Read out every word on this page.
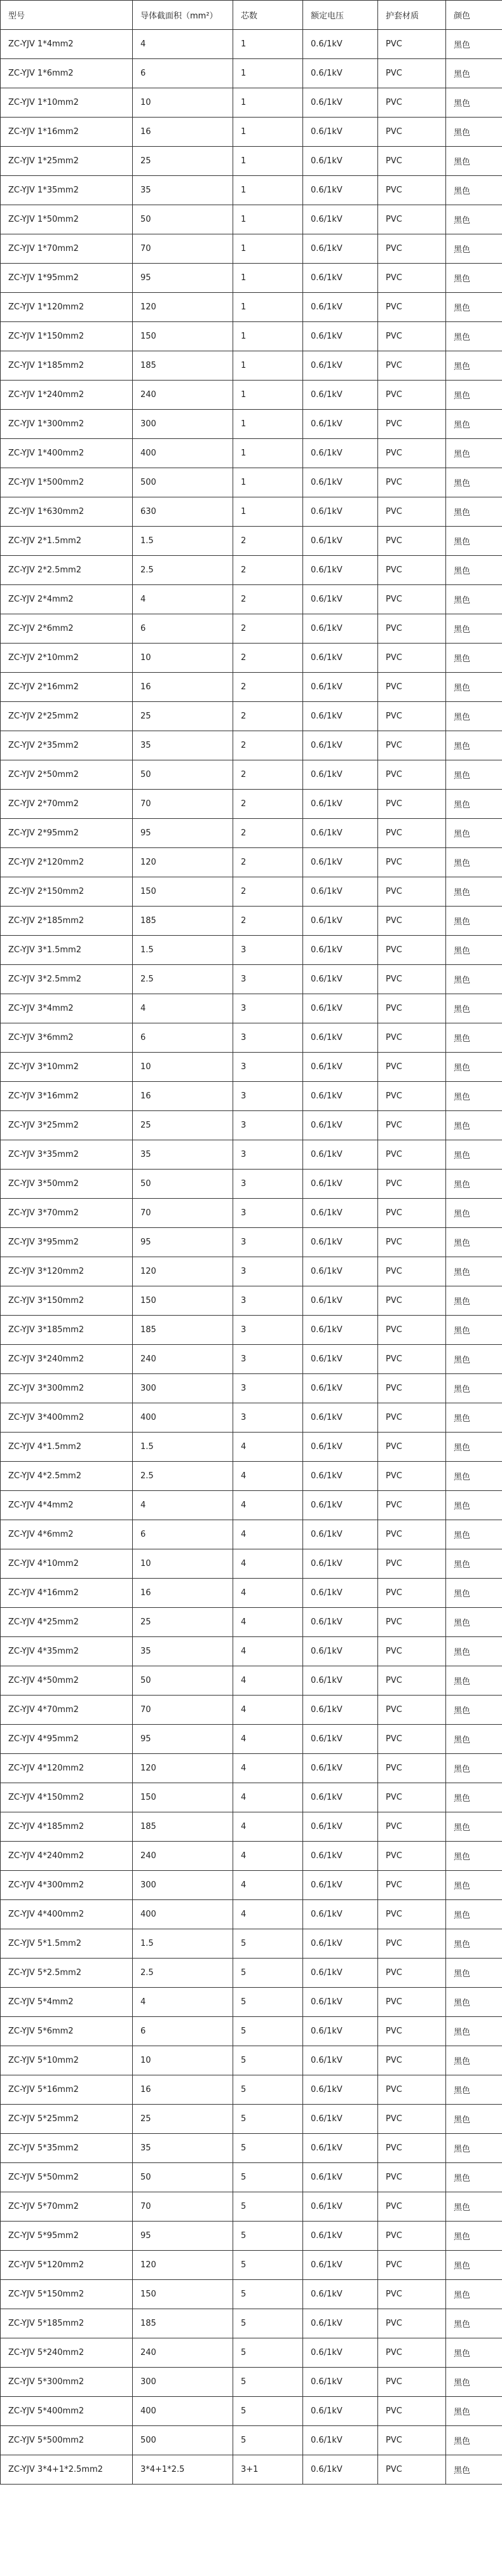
型号	导体截面积（mm²）	芯数	额定电压	护套材质	颜色
ZC-YJV 1*4mm2	4	1	0.6/1kV	PVC	黑色
ZC-YJV 1*6mm2	6	1	0.6/1kV	PVC	黑色
ZC-YJV 1*10mm2	10	1	0.6/1kV	PVC	黑色
ZC-YJV 1*16mm2	16	1	0.6/1kV	PVC	黑色
ZC-YJV 1*25mm2	25	1	0.6/1kV	PVC	黑色
ZC-YJV 1*35mm2	35	1	0.6/1kV	PVC	黑色
ZC-YJV 1*50mm2	50	1	0.6/1kV	PVC	黑色
ZC-YJV 1*70mm2	70	1	0.6/1kV	PVC	黑色
ZC-YJV 1*95mm2	95	1	0.6/1kV	PVC	黑色
ZC-YJV 1*120mm2	120	1	0.6/1kV	PVC	黑色
ZC-YJV 1*150mm2	150	1	0.6/1kV	PVC	黑色
ZC-YJV 1*185mm2	185	1	0.6/1kV	PVC	黑色
ZC-YJV 1*240mm2	240	1	0.6/1kV	PVC	黑色
ZC-YJV 1*300mm2	300	1	0.6/1kV	PVC	黑色
ZC-YJV 1*400mm2	400	1	0.6/1kV	PVC	黑色
ZC-YJV 1*500mm2	500	1	0.6/1kV	PVC	黑色
ZC-YJV 1*630mm2	630	1	0.6/1kV	PVC	黑色
ZC-YJV 2*1.5mm2	1.5	2	0.6/1kV	PVC	黑色
ZC-YJV 2*2.5mm2	2.5	2	0.6/1kV	PVC	黑色
ZC-YJV 2*4mm2	4	2	0.6/1kV	PVC	黑色
ZC-YJV 2*6mm2	6	2	0.6/1kV	PVC	黑色
ZC-YJV 2*10mm2	10	2	0.6/1kV	PVC	黑色
ZC-YJV 2*16mm2	16	2	0.6/1kV	PVC	黑色
ZC-YJV 2*25mm2	25	2	0.6/1kV	PVC	黑色
ZC-YJV 2*35mm2	35	2	0.6/1kV	PVC	黑色
ZC-YJV 2*50mm2	50	2	0.6/1kV	PVC	黑色
ZC-YJV 2*70mm2	70	2	0.6/1kV	PVC	黑色
ZC-YJV 2*95mm2	95	2	0.6/1kV	PVC	黑色
ZC-YJV 2*120mm2	120	2	0.6/1kV	PVC	黑色
ZC-YJV 2*150mm2	150	2	0.6/1kV	PVC	黑色
ZC-YJV 2*185mm2	185	2	0.6/1kV	PVC	黑色
ZC-YJV 3*1.5mm2	1.5	3	0.6/1kV	PVC	黑色
ZC-YJV 3*2.5mm2	2.5	3	0.6/1kV	PVC	黑色
ZC-YJV 3*4mm2	4	3	0.6/1kV	PVC	黑色
ZC-YJV 3*6mm2	6	3	0.6/1kV	PVC	黑色
ZC-YJV 3*10mm2	10	3	0.6/1kV	PVC	黑色
ZC-YJV 3*16mm2	16	3	0.6/1kV	PVC	黑色
ZC-YJV 3*25mm2	25	3	0.6/1kV	PVC	黑色
ZC-YJV 3*35mm2	35	3	0.6/1kV	PVC	黑色
ZC-YJV 3*50mm2	50	3	0.6/1kV	PVC	黑色
ZC-YJV 3*70mm2	70	3	0.6/1kV	PVC	黑色
ZC-YJV 3*95mm2	95	3	0.6/1kV	PVC	黑色
ZC-YJV 3*120mm2	120	3	0.6/1kV	PVC	黑色
ZC-YJV 3*150mm2	150	3	0.6/1kV	PVC	黑色
ZC-YJV 3*185mm2	185	3	0.6/1kV	PVC	黑色
ZC-YJV 3*240mm2	240	3	0.6/1kV	PVC	黑色
ZC-YJV 3*300mm2	300	3	0.6/1kV	PVC	黑色
ZC-YJV 3*400mm2	400	3	0.6/1kV	PVC	黑色
ZC-YJV 4*1.5mm2	1.5	4	0.6/1kV	PVC	黑色
ZC-YJV 4*2.5mm2	2.5	4	0.6/1kV	PVC	黑色
ZC-YJV 4*4mm2	4	4	0.6/1kV	PVC	黑色
ZC-YJV 4*6mm2	6	4	0.6/1kV	PVC	黑色
ZC-YJV 4*10mm2	10	4	0.6/1kV	PVC	黑色
ZC-YJV 4*16mm2	16	4	0.6/1kV	PVC	黑色
ZC-YJV 4*25mm2	25	4	0.6/1kV	PVC	黑色
ZC-YJV 4*35mm2	35	4	0.6/1kV	PVC	黑色
ZC-YJV 4*50mm2	50	4	0.6/1kV	PVC	黑色
ZC-YJV 4*70mm2	70	4	0.6/1kV	PVC	黑色
ZC-YJV 4*95mm2	95	4	0.6/1kV	PVC	黑色
ZC-YJV 4*120mm2	120	4	0.6/1kV	PVC	黑色
ZC-YJV 4*150mm2	150	4	0.6/1kV	PVC	黑色
ZC-YJV 4*185mm2	185	4	0.6/1kV	PVC	黑色
ZC-YJV 4*240mm2	240	4	0.6/1kV	PVC	黑色
ZC-YJV 4*300mm2	300	4	0.6/1kV	PVC	黑色
ZC-YJV 4*400mm2	400	4	0.6/1kV	PVC	黑色
ZC-YJV 5*1.5mm2	1.5	5	0.6/1kV	PVC	黑色
ZC-YJV 5*2.5mm2	2.5	5	0.6/1kV	PVC	黑色
ZC-YJV 5*4mm2	4	5	0.6/1kV	PVC	黑色
ZC-YJV 5*6mm2	6	5	0.6/1kV	PVC	黑色
ZC-YJV 5*10mm2	10	5	0.6/1kV	PVC	黑色
ZC-YJV 5*16mm2	16	5	0.6/1kV	PVC	黑色
ZC-YJV 5*25mm2	25	5	0.6/1kV	PVC	黑色
ZC-YJV 5*35mm2	35	5	0.6/1kV	PVC	黑色
ZC-YJV 5*50mm2	50	5	0.6/1kV	PVC	黑色
ZC-YJV 5*70mm2	70	5	0.6/1kV	PVC	黑色
ZC-YJV 5*95mm2	95	5	0.6/1kV	PVC	黑色
ZC-YJV 5*120mm2	120	5	0.6/1kV	PVC	黑色
ZC-YJV 5*150mm2	150	5	0.6/1kV	PVC	黑色
ZC-YJV 5*185mm2	185	5	0.6/1kV	PVC	黑色
ZC-YJV 5*240mm2	240	5	0.6/1kV	PVC	黑色
ZC-YJV 5*300mm2	300	5	0.6/1kV	PVC	黑色
ZC-YJV 5*400mm2	400	5	0.6/1kV	PVC	黑色
ZC-YJV 5*500mm2	500	5	0.6/1kV	PVC	黑色
ZC-YJV 3*4+1*2.5mm2	3*4+1*2.5	3+1	0.6/1kV	PVC	黑色
